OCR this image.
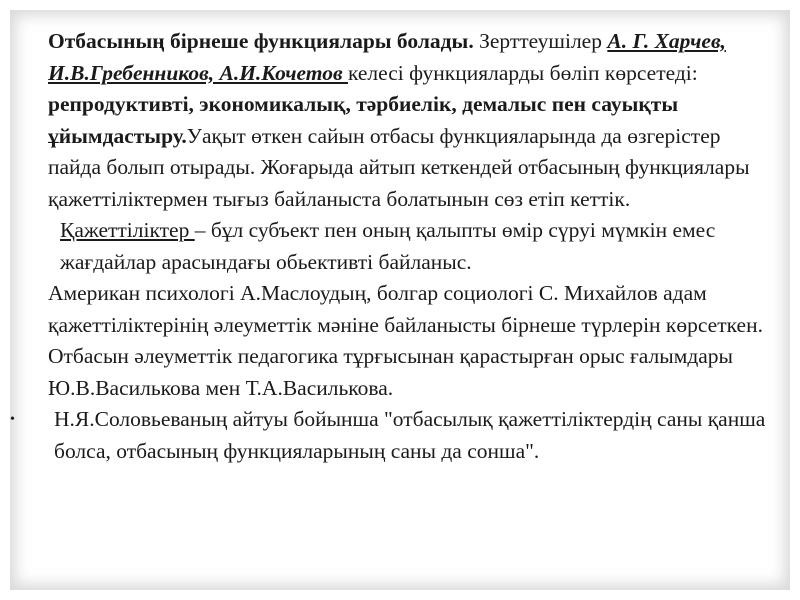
Отбасының бірнеше функциялары болады. Зерттеушілер А. Г. Харчев, И.В.Гребенников, А.И.Кочетов келесі функцияларды бөліп көрсетеді: репродуктивті, экономикалық, тәрбиелік, демалыс пен сауықты ұйымдастыру.Уақыт өткен сайын отбасы функцияларында да өзгерістер пайда болып отырады. Жоғарыда айтып кеткендей отбасының функциялары қажеттіліктермен тығыз байланыста болатынын сөз етіп кеттік.

Қажеттіліктер – бұл субъект пен оның қалыпты өмір сүруі мүмкін емес жағдайлар арасындағы обьективті байланыс.

Американ психологі А.Маслоудың, болгар социологі С. Михайлов адам қажеттіліктерінің әлеуметтік мәніне байланысты бірнеше түрлерін көрсеткен.

Отбасын әлеуметтік педагогика тұрғысынан қарастырған орыс ғалымдары Ю.В.Василькова мен Т.А.Василькова.

• Н.Я.Соловьеваның айтуы бойынша "отбасылық қажеттіліктердің саны қанша болса, отбасының функцияларының саны да сонша".
